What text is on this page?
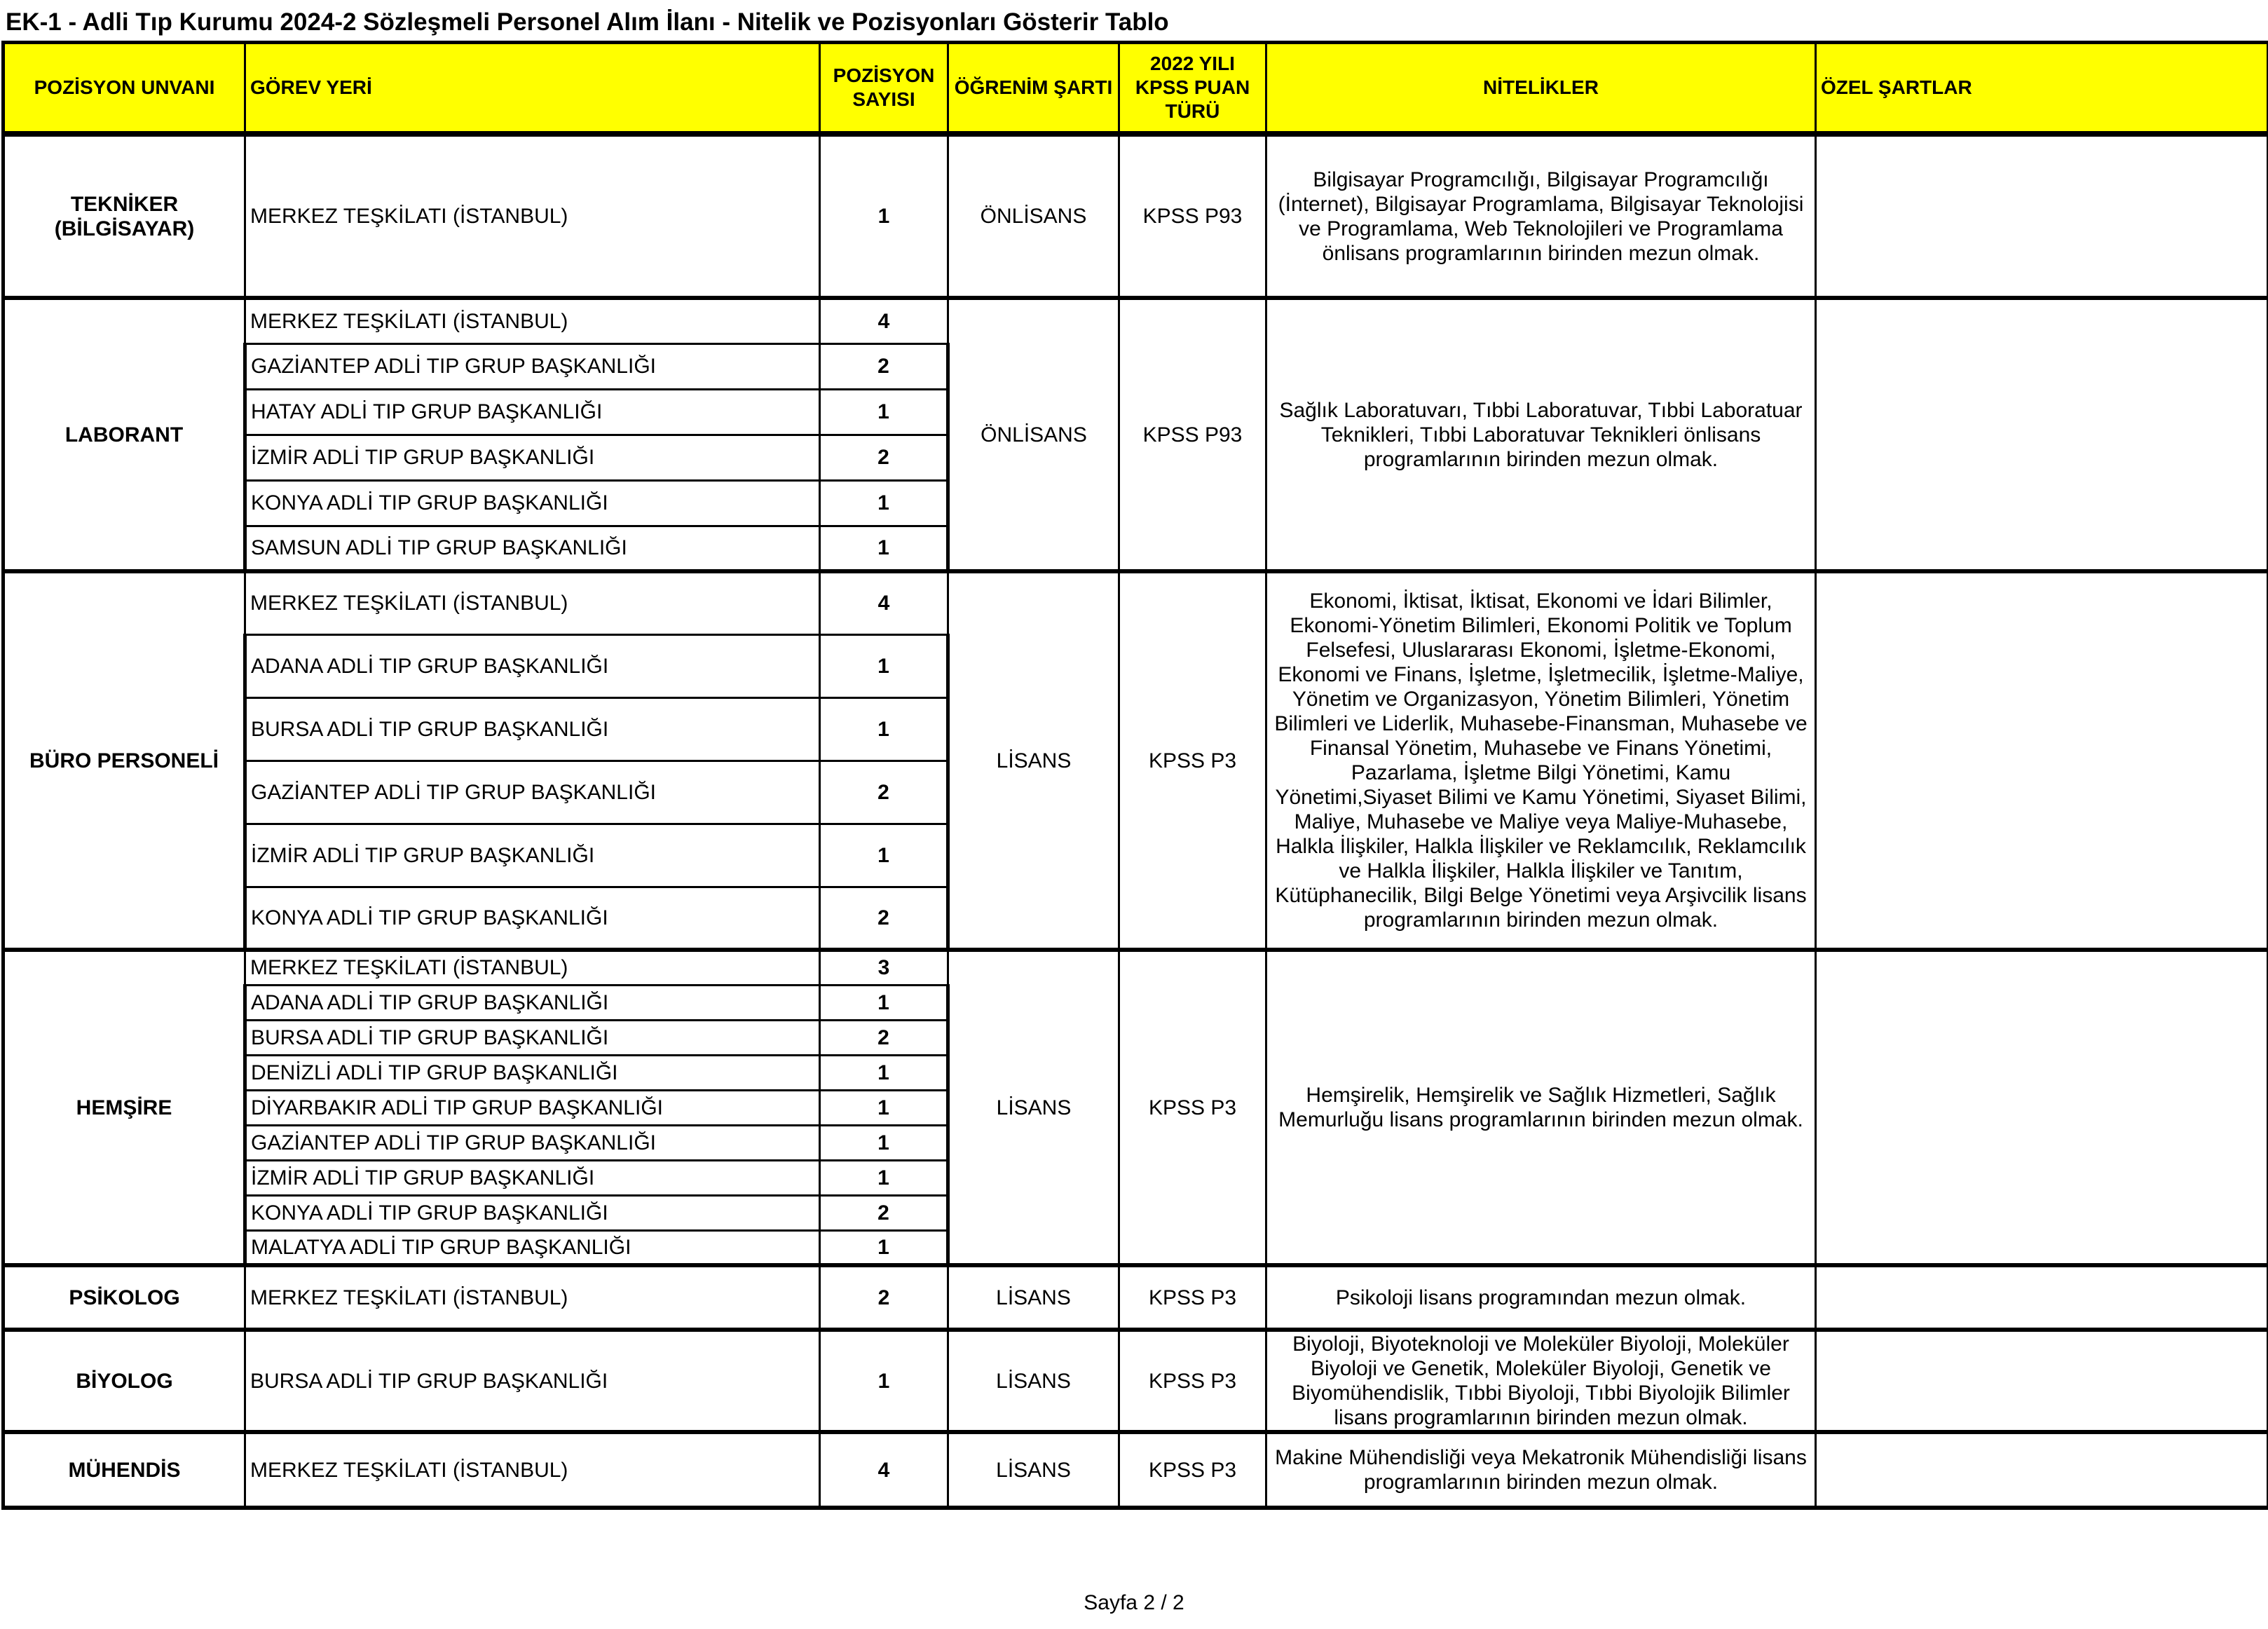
EK-1 - Adli Tıp Kurumu 2024-2 Sözleşmeli Personel Alım İlanı - Nitelik ve Pozisyonları Gösterir Tablo
POZİSYON UNVANI	GÖREV YERİ	POZİSYON
SAYISI	ÖĞRENİM ŞARTI	2022 YILI
KPSS PUAN
TÜRÜ	NİTELİKLER	ÖZEL ŞARTLAR
TEKNİKER
(BİLGİSAYAR)	MERKEZ TEŞKİLATI (İSTANBUL)	1	ÖNLİSANS	KPSS P93	Bilgisayar Programcılığı, Bilgisayar Programcılığı (İnternet), Bilgisayar Programlama, Bilgisayar Teknolojisi ve Programlama, Web Teknolojileri ve Programlama önlisans programlarının birinden mezun olmak.	
LABORANT	MERKEZ TEŞKİLATI (İSTANBUL)	4	ÖNLİSANS	KPSS P93	Sağlık Laboratuvarı, Tıbbi Laboratuvar, Tıbbi Laboratuar Teknikleri, Tıbbi Laboratuvar Teknikleri önlisans programlarının birinden mezun olmak.	
	GAZİANTEP ADLİ TIP GRUP BAŞKANLIĞI	2				
	HATAY ADLİ TIP GRUP BAŞKANLIĞI	1				
	İZMİR ADLİ TIP GRUP BAŞKANLIĞI	2				
	KONYA ADLİ TIP GRUP BAŞKANLIĞI	1				
	SAMSUN ADLİ TIP GRUP BAŞKANLIĞI	1				
BÜRO PERSONELİ	MERKEZ TEŞKİLATI (İSTANBUL)	4	LİSANS	KPSS P3	Ekonomi, İktisat, İktisat, Ekonomi ve İdari Bilimler, Ekonomi-Yönetim Bilimleri, Ekonomi Politik ve Toplum Felsefesi, Uluslararası Ekonomi, İşletme-Ekonomi, Ekonomi ve Finans, İşletme, İşletmecilik, İşletme-Maliye, Yönetim ve Organizasyon, Yönetim Bilimleri, Yönetim Bilimleri ve Liderlik, Muhasebe-Finansman, Muhasebe ve Finansal Yönetim, Muhasebe ve Finans Yönetimi, Pazarlama, İşletme Bilgi Yönetimi, Kamu Yönetimi,Siyaset Bilimi ve Kamu Yönetimi, Siyaset Bilimi, Maliye, Muhasebe ve Maliye veya Maliye-Muhasebe,
Halkla İlişkiler, Halkla İlişkiler ve Reklamcılık, Reklamcılık ve Halkla İlişkiler, Halkla İlişkiler ve Tanıtım, Kütüphanecilik, Bilgi Belge Yönetimi veya Arşivcilik lisans programlarının birinden mezun olmak.	
	ADANA ADLİ TIP GRUP BAŞKANLIĞI	1				
	BURSA ADLİ TIP GRUP BAŞKANLIĞI	1				
	GAZİANTEP ADLİ TIP GRUP BAŞKANLIĞI	2				
	İZMİR ADLİ TIP GRUP BAŞKANLIĞI	1				
	KONYA ADLİ TIP GRUP BAŞKANLIĞI	2				
HEMŞİRE	MERKEZ TEŞKİLATI (İSTANBUL)	3	LİSANS	KPSS P3	Hemşirelik, Hemşirelik ve Sağlık Hizmetleri, Sağlık Memurluğu lisans programlarının birinden mezun olmak.	
	ADANA ADLİ TIP GRUP BAŞKANLIĞI	1				
	BURSA ADLİ TIP GRUP BAŞKANLIĞI	2				
	DENİZLİ ADLİ TIP GRUP BAŞKANLIĞI	1				
	DİYARBAKIR ADLİ TIP GRUP BAŞKANLIĞI	1				
	GAZİANTEP ADLİ TIP GRUP BAŞKANLIĞI	1				
	İZMİR ADLİ TIP GRUP BAŞKANLIĞI	1				
	KONYA ADLİ TIP GRUP BAŞKANLIĞI	2				
	MALATYA ADLİ TIP GRUP BAŞKANLIĞI	1				
PSİKOLOG	MERKEZ TEŞKİLATI (İSTANBUL)	2	LİSANS	KPSS P3	Psikoloji lisans programından mezun olmak.	
BİYOLOG	BURSA ADLİ TIP GRUP BAŞKANLIĞI	1	LİSANS	KPSS P3	Biyoloji, Biyoteknoloji ve Moleküler Biyoloji, Moleküler Biyoloji ve Genetik, Moleküler Biyoloji, Genetik ve Biyomühendislik, Tıbbi Biyoloji, Tıbbi Biyolojik Bilimler lisans programlarının birinden mezun olmak.	
MÜHENDİS	MERKEZ TEŞKİLATI (İSTANBUL)	4	LİSANS	KPSS P3	Makine Mühendisliği veya Mekatronik Mühendisliği lisans programlarının birinden mezun olmak.	
Sayfa 2 / 2
